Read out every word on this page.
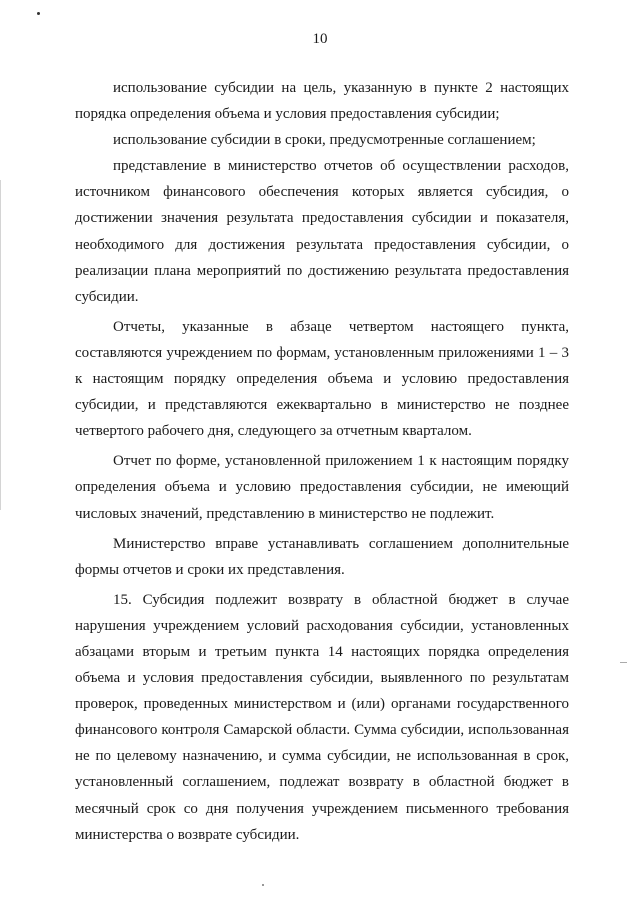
10

использование субсидии на цель, указанную в пункте 2 настоящих порядка определения объема и условия предоставления субсидии;

использование субсидии в сроки, предусмотренные соглашением;

представление в министерство отчетов об осуществлении расходов, источником финансового обеспечения которых является субсидия, о достижении значения результата предоставления субсидии и показателя, необходимого для достижения результата предоставления субсидии, о реализации плана мероприятий по достижению результата предоставления субсидии.

Отчеты, указанные в абзаце четвертом настоящего пункта, составляются учреждением по формам, установленным приложениями 1 – 3 к настоящим порядку определения объема и условию предоставления субсидии, и представляются ежеквартально в министерство не позднее четвертого рабочего дня, следующего за отчетным кварталом.

Отчет по форме, установленной приложением 1 к настоящим порядку определения объема и условию предоставления субсидии, не имеющий числовых значений, представлению в министерство не подлежит.

Министерство вправе устанавливать соглашением дополнительные формы отчетов и сроки их представления.

15. Субсидия подлежит возврату в областной бюджет в случае нарушения учреждением условий расходования субсидии, установленных абзацами вторым и третьим пункта 14 настоящих порядка определения объема и условия предоставления субсидии, выявленного по результатам проверок, проведенных министерством и (или) органами государственного финансового контроля Самарской области. Сумма субсидии, использованная не по целевому назначению, и сумма субсидии, не использованная в срок, установленный соглашением, подлежат возврату в областной бюджет в месячный срок со дня получения учреждением письменного требования министерства о возврате субсидии.
